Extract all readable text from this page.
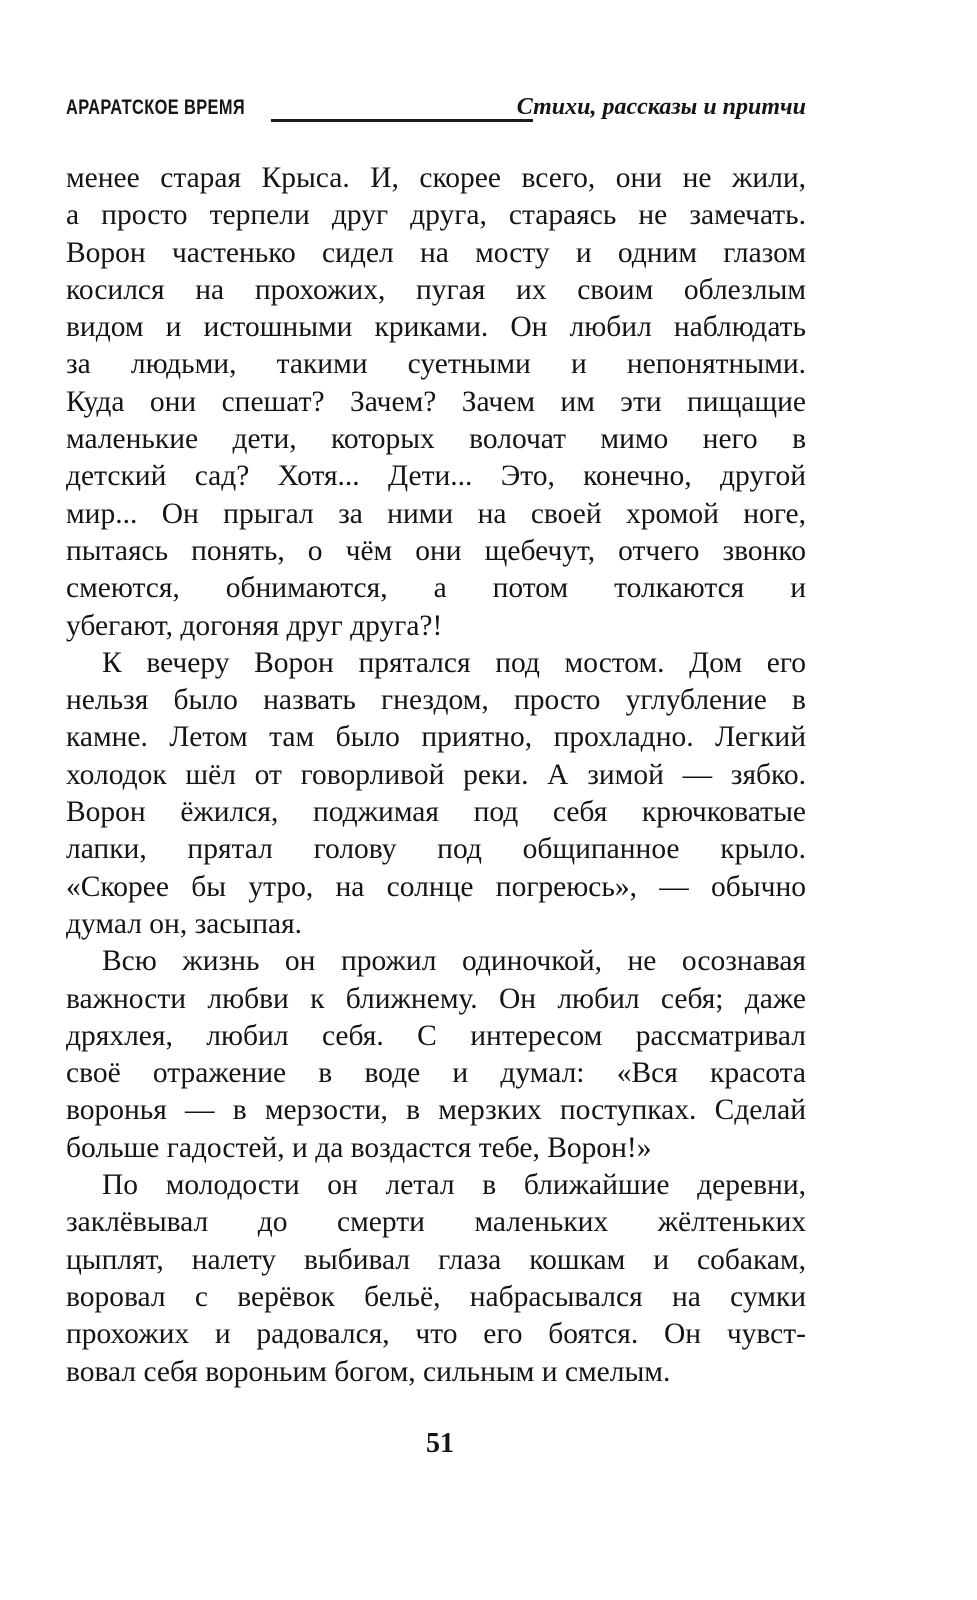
АРАРАТСКОЕ ВРЕМЯ	Стихи, рассказы и притчи
менее старая Крыса. И, скорее всего, они не жили,
а просто терпели друг друга, стараясь не замечать.
Ворон частенько сидел на мосту и одним глазом
косился на прохожих, пугая их своим облезлым
видом и истошными криками. Он любил наблюдать
за людьми, такими суетными и непонятными.
Куда они спешат? Зачем? Зачем им эти пищащие
маленькие дети, которых волочат мимо него в
детский сад? Хотя... Дети... Это, конечно, другой
мир... Он прыгал за ними на своей хромой ноге,
пытаясь понять, о чём они щебечут, отчего звонко
смеются, обнимаются, а потом толкаются и
убегают, догоняя друг друга?!
К вечеру Ворон прятался под мостом. Дом его
нельзя было назвать гнездом, просто углубление в
камне. Летом там было приятно, прохладно. Легкий
холодок шёл от говорливой реки. А зимой — зябко.
Ворон ёжился, поджимая под себя крючковатые
лапки, прятал голову под общипанное крыло.
«Скорее бы утро, на солнце погреюсь», — обычно
думал он, засыпая.
Всю жизнь он прожил одиночкой, не осознавая
важности любви к ближнему. Он любил себя; даже
дряхлея, любил себя. С интересом рассматривал
своё отражение в воде и думал: «Вся красота
воронья — в мерзости, в мерзких поступках. Сделай
больше гадостей, и да воздастся тебе, Ворон!»
По молодости он летал в ближайшие деревни,
заклёвывал до смерти маленьких жёлтеньких
цыплят, налету выбивал глаза кошкам и собакам,
воровал с верёвок бельё, набрасывался на сумки
прохожих и радовался, что его боятся. Он чувст-
вовал себя вороньим богом, сильным и смелым.
51
